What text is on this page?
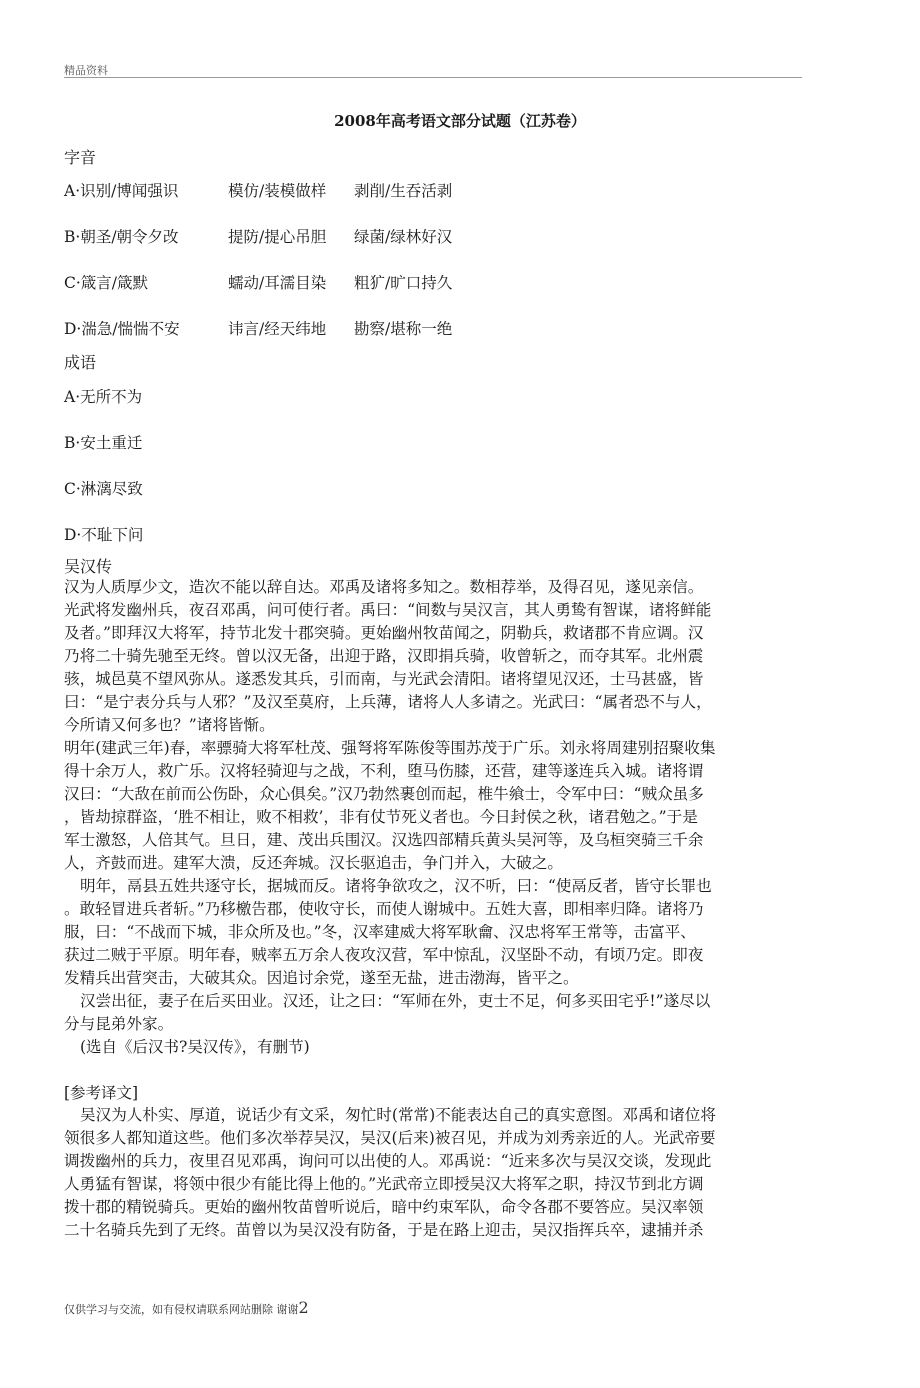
精品资料
2008年高考语文部分试题（江苏卷）
字音
A·识别/博闻强识	模仿/装模做样 剥削/生吞活剥
B·朝圣/朝令夕改	提防/提心吊胆 绿菌/绿林好汉
C·箴言/箴默	蠕动/耳濡目染 粗犷/旷口持久
D·湍急/惴惴不安	讳言/经天纬地 勘察/堪称一绝
成语
A·无所不为
B·安土重迁
C·淋漓尽致
D·不耻下问
吴汉传
汉为人质厚少文，造次不能以辞自达。邓禹及诸将多知之。数相荐举，及得召见，遂见亲信。
光武将发幽州兵，夜召邓禹，问可使行者。禹曰：“间数与吴汉言，其人勇鸷有智谋，诸将鲜能
及者。”即拜汉大将军，持节北发十郡突骑。更始幽州牧苗闻之，阴勒兵，救诸郡不肯应调。汉
乃将二十骑先驰至无终。曾以汉无备，出迎于路，汉即捐兵骑，收曾斩之，而夺其军。北州震
骇，城邑莫不望风弥从。遂悉发其兵，引而南，与光武会清阳。诸将望见汉还，士马甚盛，皆
曰：“是宁表分兵与人邪？”及汉至莫府，上兵薄，诸将人人多请之。光武曰：“属者恐不与人，
今所请又何多也？”诸将皆惭。
明年(建武三年)春，率骠骑大将军杜茂、强弩将军陈俊等围苏茂于广乐。刘永将周建别招聚收集
得十余万人，救广乐。汉将轻骑迎与之战，不利，堕马伤膝，还营，建等遂连兵入城。诸将谓
汉曰：“大敌在前而公伤卧，众心俱矣。”汉乃勃然裹创而起，椎牛飨士，令军中曰：“贼众虽多
，皆劫掠群盗，‘胜不相让，败不相救’，非有仗节死义者也。今日封侯之秋，诸君勉之。”于是
军士激怒，人倍其气。旦日，建、茂出兵围汉。汉选四部精兵黄头吴河等，及乌桓突骑三千余
人，齐鼓而进。建军大溃，反还奔城。汉长驱追击，争门并入，大破之。
明年，鬲县五姓共逐守长，据城而反。诸将争欲攻之，汉不听，曰：“使鬲反者，皆守长罪也
。敢轻冒进兵者斩。”乃移檄告郡，使收守长，而使人谢城中。五姓大喜，即相率归降。诸将乃
服，曰：“不战而下城，非众所及也。”冬，汉率建威大将军耿龠、汉忠将军王常等，击富平、
获过二贼于平原。明年春，贼率五万余人夜攻汉营，军中惊乱，汉坚卧不动，有顷乃定。即夜
发精兵出营突击，大破其众。因追讨余党，遂至无盐，进击渤海，皆平之。
汉尝出征，妻子在后买田业。汉还，让之曰：“军师在外，吏士不足，何多买田宅乎!”遂尽以
分与昆弟外家。
(选自《后汉书?吴汉传》，有删节)
[参考译文]
吴汉为人朴实、厚道，说话少有文采，匆忙时(常常)不能表达自己的真实意图。邓禹和诸位将
领很多人都知道这些。他们多次举荐吴汉，吴汉(后来)被召见，并成为刘秀亲近的人。光武帝要
调拨幽州的兵力，夜里召见邓禹，询问可以出使的人。邓禹说：“近来多次与吴汉交谈，发现此
人勇猛有智谋，将领中很少有能比得上他的。”光武帝立即授吴汉大将军之职，持汉节到北方调
拨十郡的精锐骑兵。更始的幽州牧苗曾听说后，暗中约束军队，命令各郡不要答应。吴汉率领
二十名骑兵先到了无终。苗曾以为吴汉没有防备，于是在路上迎击，吴汉指挥兵卒，逮捕并杀
仅供学习与交流，如有侵权请联系网站删除 谢谢2
